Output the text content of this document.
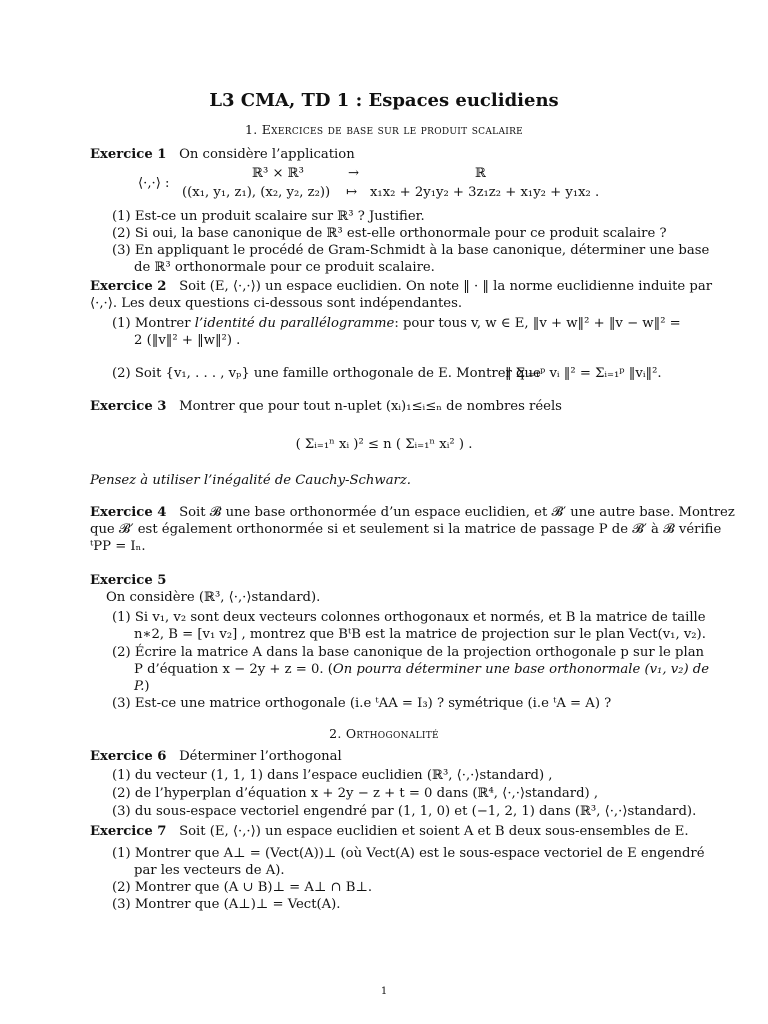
L3 CMA, TD 1 : Espaces euclidiens
1. Exercices de base sur le produit scalaire
Exercice 1 On considère l’application
⟨·,·⟩ :
ℝ³ × ℝ³	→	ℝ
((x₁, y₁, z₁), (x₂, y₂, z₂)) ↦ x₁x₂ + 2y₁y₂ + 3z₁z₂ + x₁y₂ + y₁x₂ .
(1) Est-ce un produit scalaire sur ℝ³ ? Justifier.
(2) Si oui, la base canonique de ℝ³ est-elle orthonormale pour ce produit scalaire ?
(3) En appliquant le procédé de Gram-Schmidt à la base canonique, déterminer une base
de ℝ³ orthonormale pour ce produit scalaire.
Exercice 2 Soit (E, ⟨·,·⟩) un espace euclidien. On note ‖ · ‖ la norme euclidienne induite par
⟨·,·⟩. Les deux questions ci-dessous sont indépendantes.
(1) Montrer l’identité du parallélogramme: pour tous v, w ∈ E, ‖v + w‖² + ‖v − w‖² =
2 (‖v‖² + ‖w‖²) .
(2) Soit {v₁, . . . , vₚ} une famille orthogonale de E. Montrer que
‖ Σᵢ₌₁ᵖ vᵢ ‖² = Σᵢ₌₁ᵖ ‖vᵢ‖².
Exercice 3 Montrer que pour tout n-uplet (xᵢ)₁≤ᵢ≤ₙ de nombres réels
( Σᵢ₌₁ⁿ xᵢ )² ≤ n ( Σᵢ₌₁ⁿ xᵢ² ) .
Pensez à utiliser l’inégalité de Cauchy-Schwarz.
Exercice 4 Soit 𝓑 une base orthonormée d’un espace euclidien, et 𝓑′ une autre base. Montrez
que 𝓑′ est également orthonormée si et seulement si la matrice de passage P de 𝓑′ à 𝓑 vérifie
ᵗPP = Iₙ.
Exercice 5
On considère (ℝ³, ⟨·,·⟩standard).
(1) Si v₁, v₂ sont deux vecteurs colonnes orthogonaux et normés, et B la matrice de taille
n∗2, B = [v₁ v₂] , montrez que BᵗB est la matrice de projection sur le plan Vect(v₁, v₂).
(2) Écrire la matrice A dans la base canonique de la projection orthogonale p sur le plan
P d’équation x − 2y + z = 0. (On pourra déterminer une base orthonormale (v₁, v₂) de
P.)
(3) Est-ce une matrice orthogonale (i.e ᵗAA = I₃) ? symétrique (i.e ᵗA = A) ?
2. Orthogonalité
Exercice 6 Déterminer l’orthogonal
(1) du vecteur (1, 1, 1) dans l’espace euclidien (ℝ³, ⟨·,·⟩standard) ,
(2) de l’hyperplan d’équation x + 2y − z + t = 0 dans (ℝ⁴, ⟨·,·⟩standard) ,
(3) du sous-espace vectoriel engendré par (1, 1, 0) et (−1, 2, 1) dans (ℝ³, ⟨·,·⟩standard).
Exercice 7 Soit (E, ⟨·,·⟩) un espace euclidien et soient A et B deux sous-ensembles de E.
(1) Montrer que A⊥ = (Vect(A))⊥ (où Vect(A) est le sous-espace vectoriel de E engendré
par les vecteurs de A).
(2) Montrer que (A ∪ B)⊥ = A⊥ ∩ B⊥.
(3) Montrer que (A⊥)⊥ = Vect(A).
1
